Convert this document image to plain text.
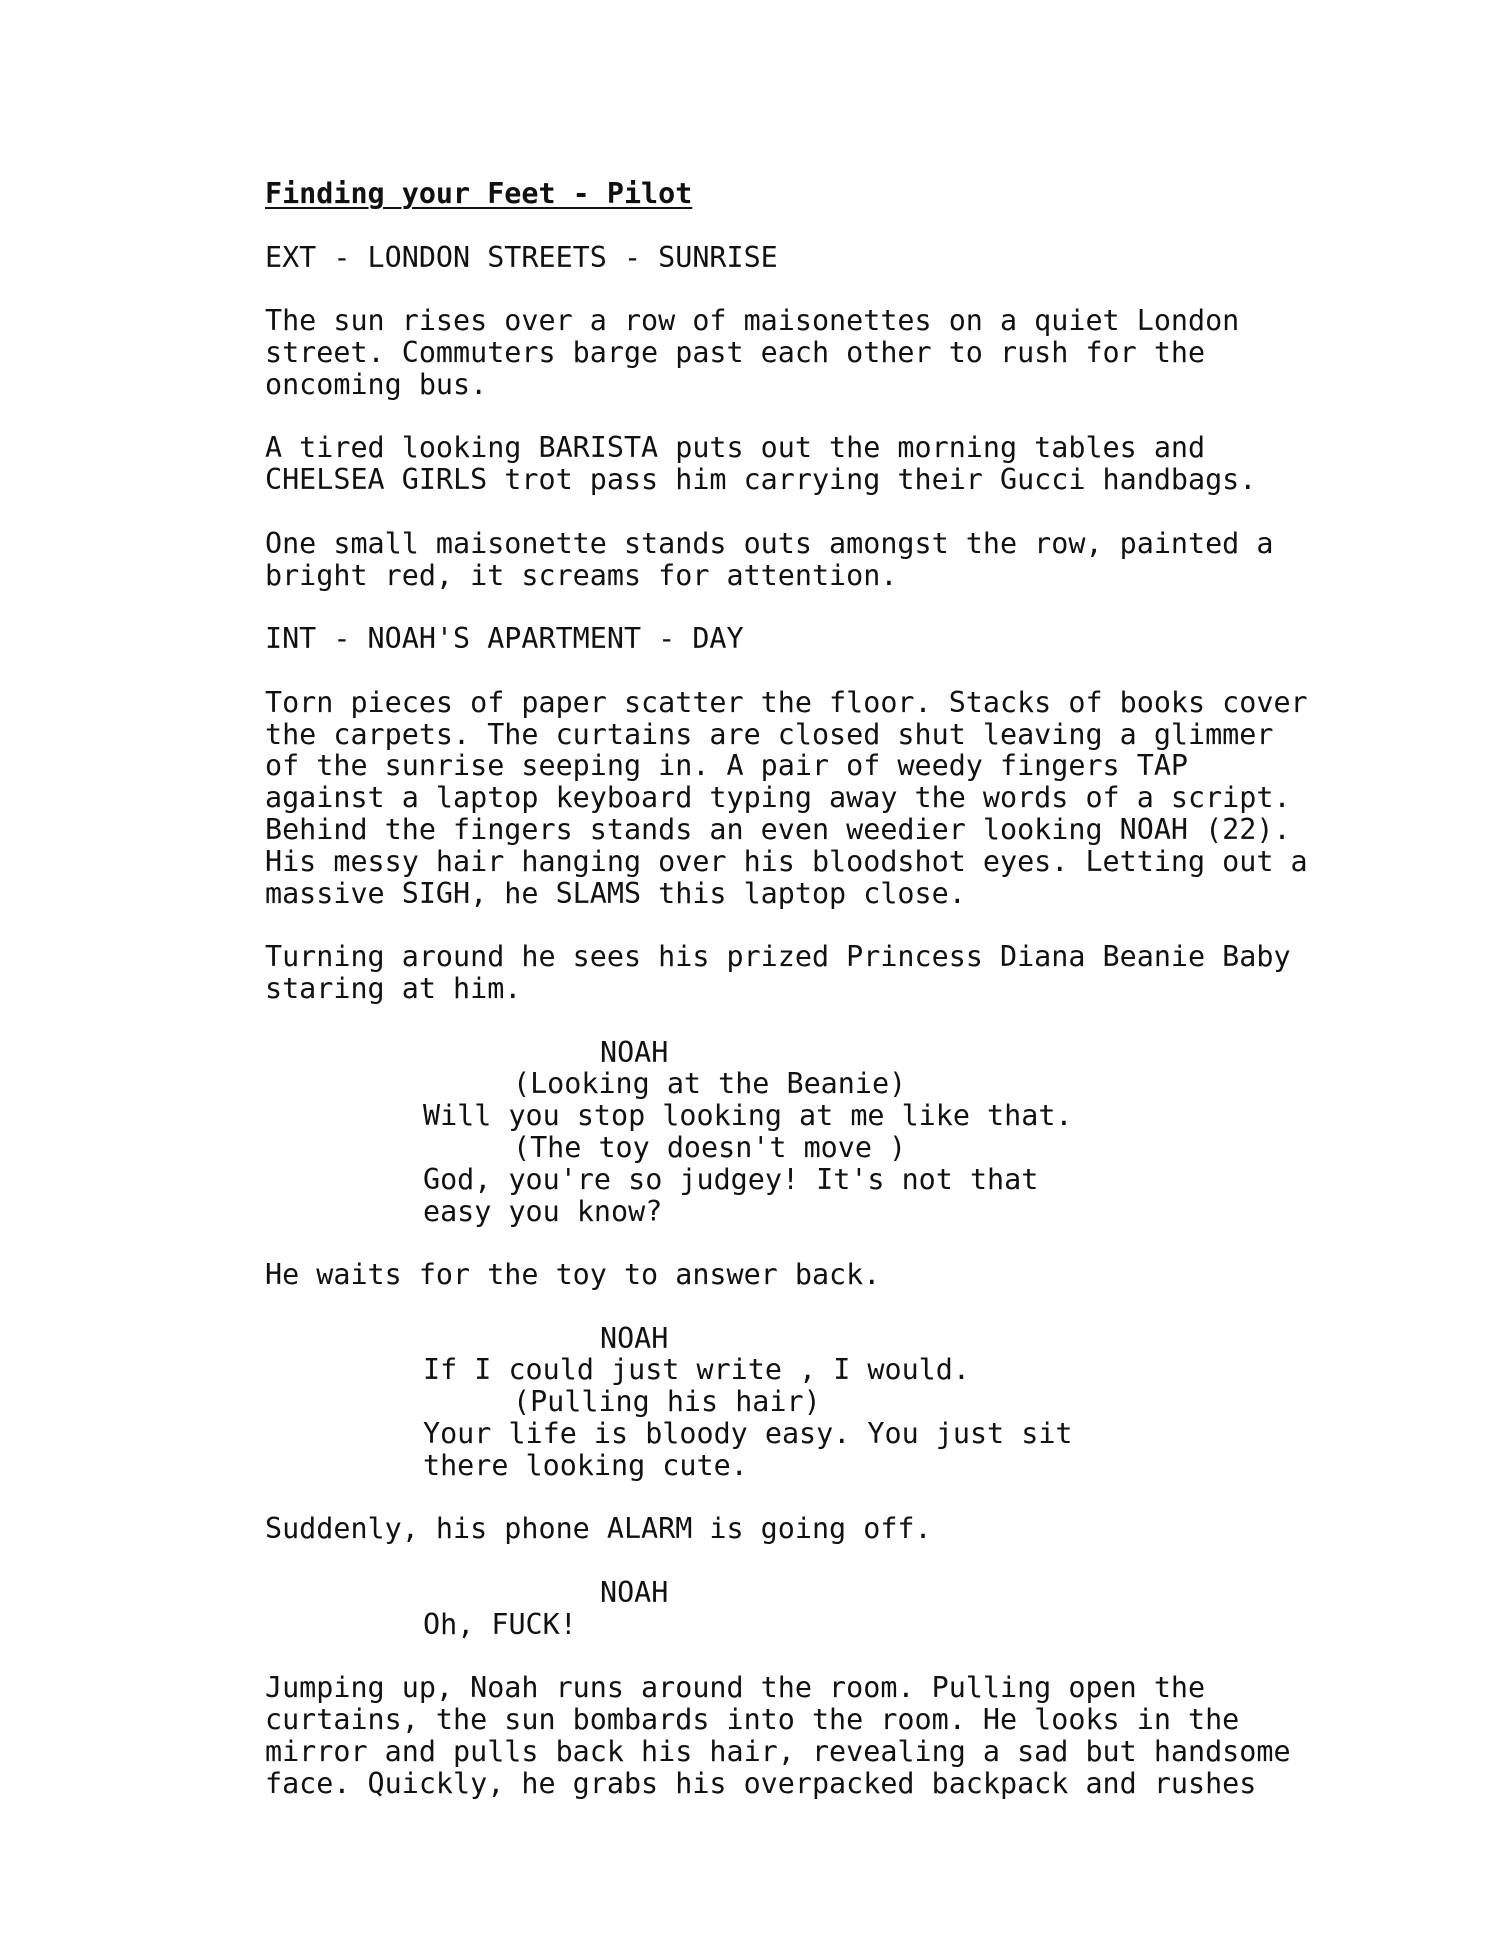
Finding your Feet - Pilot
EXT - LONDON STREETS - SUNRISE
The sun rises over a row of maisonettes on a quiet London
street. Commuters barge past each other to rush for the
oncoming bus.
A tired looking BARISTA puts out the morning tables and
CHELSEA GIRLS trot pass him carrying their Gucci handbags.
One small maisonette stands outs amongst the row, painted a
bright red, it screams for attention.
INT - NOAH'S APARTMENT - DAY
Torn pieces of paper scatter the floor. Stacks of books cover
the carpets. The curtains are closed shut leaving a glimmer
of the sunrise seeping in. A pair of weedy fingers TAP
against a laptop keyboard typing away the words of a script.
Behind the fingers stands an even weedier looking NOAH (22).
His messy hair hanging over his bloodshot eyes. Letting out a
massive SIGH, he SLAMS this laptop close.
Turning around he sees his prized Princess Diana Beanie Baby
staring at him.
NOAH
(Looking at the Beanie)
Will you stop looking at me like that.
(The toy doesn't move )
God, you're so judgey! It's not that
easy you know?
He waits for the toy to answer back.
NOAH
If I could just write , I would.
(Pulling his hair)
Your life is bloody easy. You just sit
there looking cute.
Suddenly, his phone ALARM is going off.
NOAH
Oh, FUCK!
Jumping up, Noah runs around the room. Pulling open the
curtains, the sun bombards into the room. He looks in the
mirror and pulls back his hair, revealing a sad but handsome
face. Quickly, he grabs his overpacked backpack and rushes
